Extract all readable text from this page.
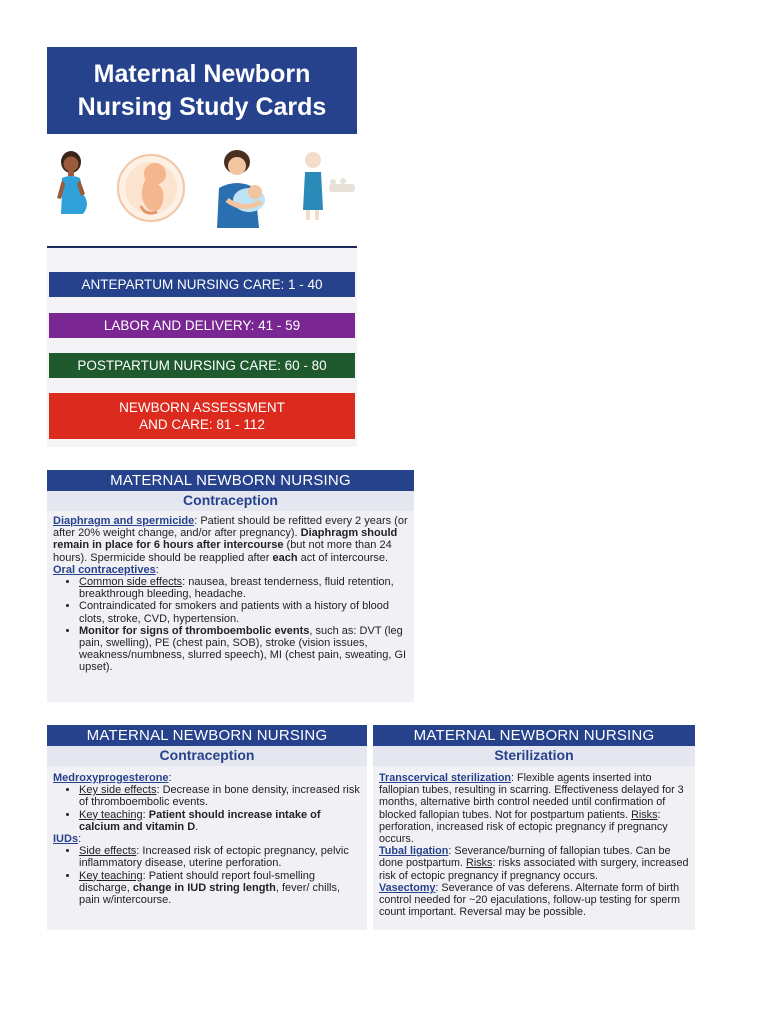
Maternal Newborn
Nursing Study Cards
ANTEPARTUM NURSING CARE: 1 - 40
LABOR AND DELIVERY: 41 - 59
POSTPARTUM NURSING CARE: 60 - 80
NEWBORN ASSESSMENT
AND CARE: 81 - 112
MATERNAL NEWBORN NURSING
Contraception

Diaphragm and spermicide: Patient should be refitted every 2 years (or after 20% weight change, and/or after pregnancy). Diaphragm should remain in place for 6 hours after intercourse (but not more than 24 hours). Spermicide should be reapplied after each act of intercourse.

Oral contraceptives:

• Common side effects: nausea, breast tenderness, fluid retention, breakthrough bleeding, headache.
• Contraindicated for smokers and patients with a history of blood clots, stroke, CVD, hypertension.
• Monitor for signs of thromboembolic events, such as: DVT (leg pain, swelling), PE (chest pain, SOB), stroke (vision issues, weakness/numbness, slurred speech), MI (chest pain, sweating, GI upset).
MATERNAL NEWBORN NURSING
Contraception

Medroxyprogesterone:

• Key side effects: Decrease in bone density, increased risk of thromboembolic events.
• Key teaching: Patient should increase intake of calcium and vitamin D.

IUDs:

• Side effects: Increased risk of ectopic pregnancy, pelvic inflammatory disease, uterine perforation.
• Key teaching: Patient should report foul-smelling discharge, change in IUD string length, fever/ chills, pain w/intercourse.
MATERNAL NEWBORN NURSING
Sterilization

Transcervical sterilization: Flexible agents inserted into fallopian tubes, resulting in scarring. Effectiveness delayed for 3 months, alternative birth control needed until confirmation of blocked fallopian tubes. Not for postpartum patients. Risks: perforation, increased risk of ectopic pregnancy if pregnancy occurs.

Tubal ligation: Severance/burning of fallopian tubes. Can be done postpartum. Risks: risks associated with surgery, increased risk of ectopic pregnancy if pregnancy occurs.

Vasectomy: Severance of vas deferens. Alternate form of birth control needed for ~20 ejaculations, follow-up testing for sperm count important. Reversal may be possible.
